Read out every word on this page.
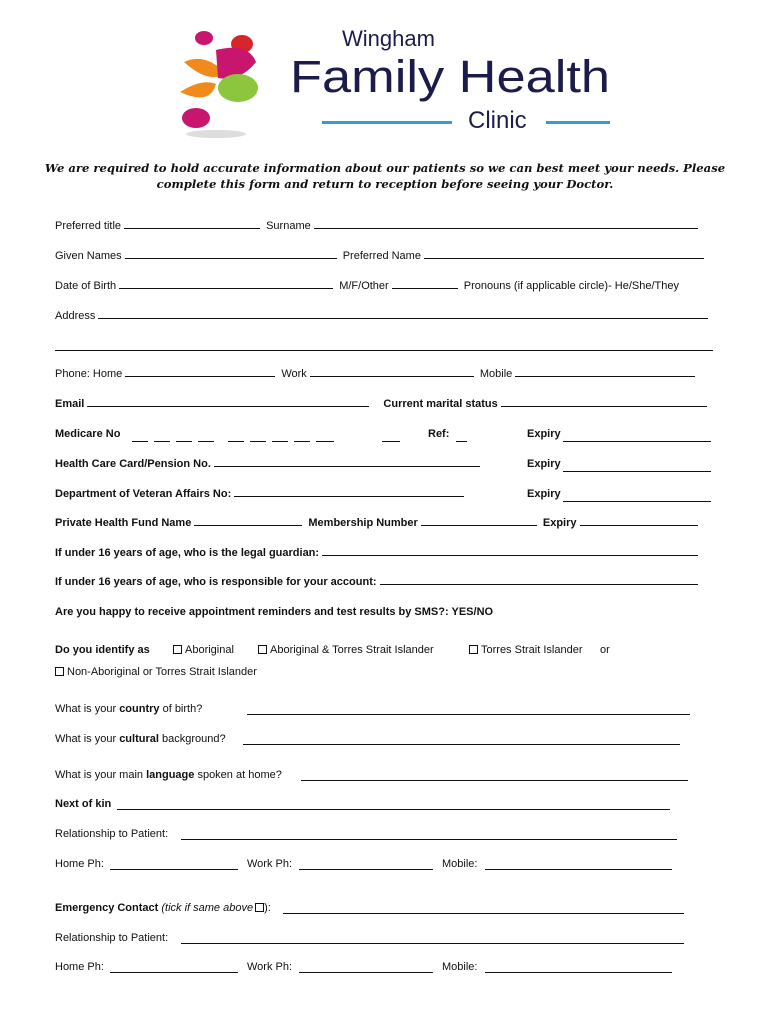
Wingham
Family Health
Clinic
We are required to hold accurate information about our patients so we can best meet your needs. Please complete this form and return to reception before seeing your Doctor.
Preferred title	Surname
Given Names	Preferred Name
Date of Birth	M/F/Other	Pronouns (if applicable circle)- He/She/They
Address
Phone: Home	Work	Mobile
Email	Current marital status
Medicare No	Ref:	Expiry
Health Care Card/Pension No.	Expiry
Department of Veteran Affairs No:	Expiry
Private Health Fund Name	Membership Number	Expiry
If under 16 years of age, who is the legal guardian:
If under 16 years of age, who is responsible for your account:
Are you happy to receive appointment reminders and test results by SMS?: YES/NO
Do you identify as	Aboriginal	Aboriginal & Torres Strait Islander	Torres Strait Islander or
Non-Aboriginal or Torres Strait Islander
What is your country of birth?
What is your cultural background?
What is your main language spoken at home?
Next of kin
Relationship to Patient:
Home Ph:	Work Ph:	Mobile:
Emergency Contact (tick if same above ):
Relationship to Patient:
Home Ph:	Work Ph:	Mobile:
